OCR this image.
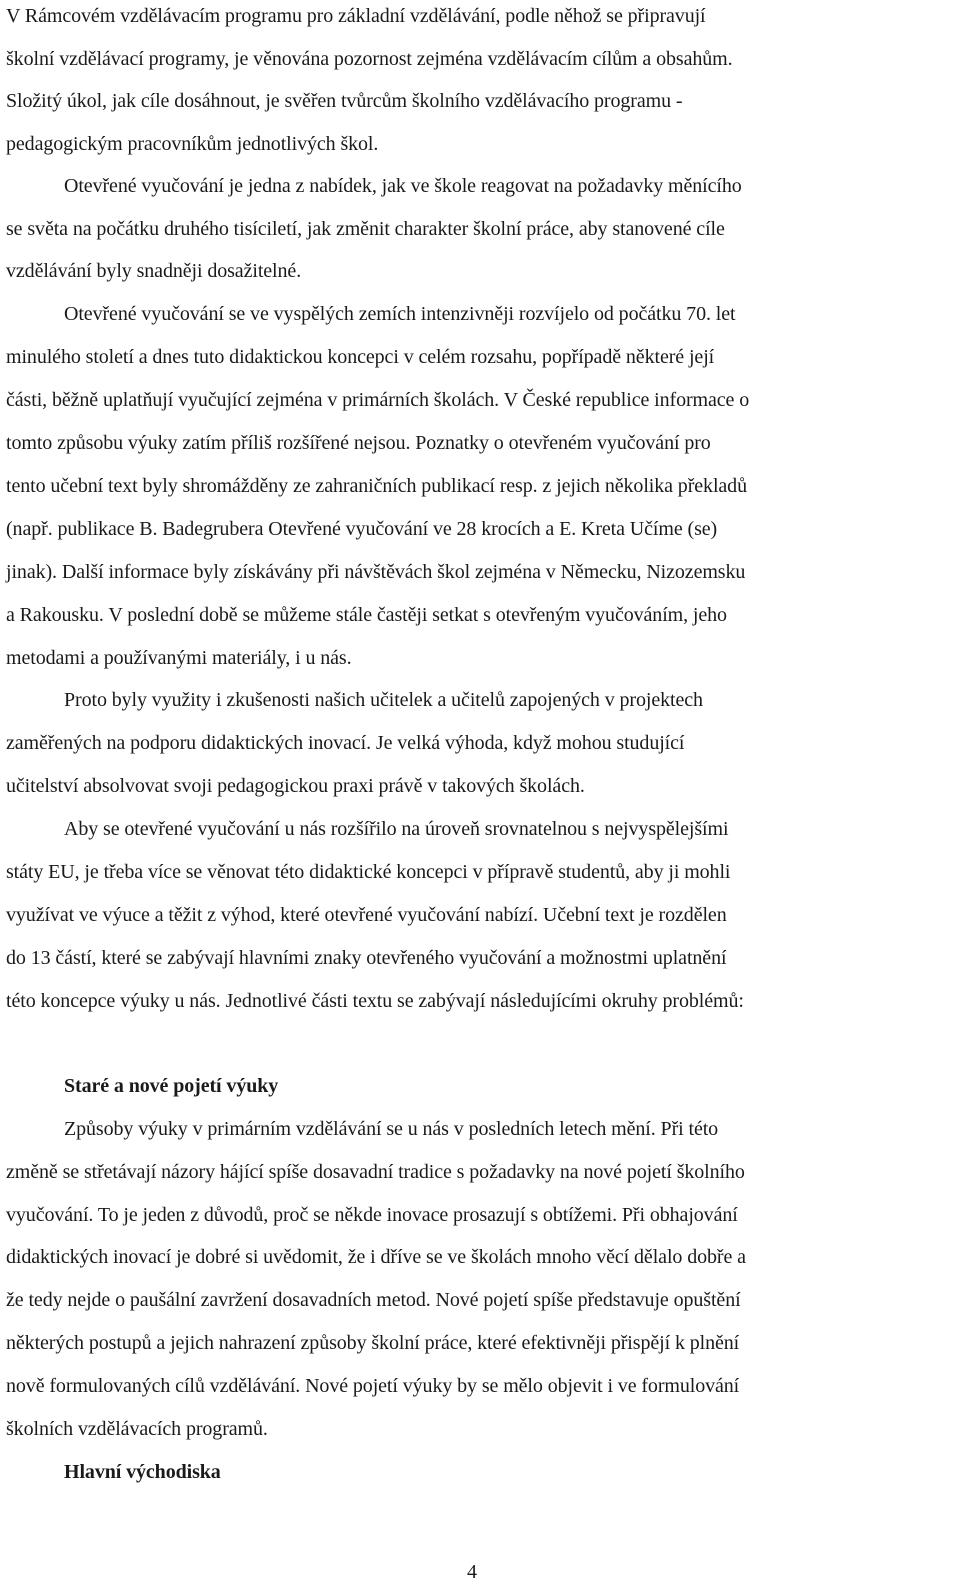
V Rámcovém vzdělávacím programu pro základní vzdělávání, podle něhož se připravují
školní vzdělávací programy, je věnována pozornost zejména vzdělávacím cílům a obsahům.
Složitý úkol, jak cíle dosáhnout, je svěřen tvůrcům školního vzdělávacího programu -
pedagogickým pracovníkům jednotlivých škol.
Otevřené vyučování je jedna z nabídek, jak ve škole reagovat na požadavky měnícího
se světa na počátku druhého tisíciletí, jak změnit charakter školní práce, aby stanovené cíle
vzdělávání byly snadněji dosažitelné.
Otevřené vyučování se ve vyspělých zemích intenzivněji rozvíjelo od počátku 70. let
minulého století a dnes tuto didaktickou koncepci v celém rozsahu, popřípadě některé její
části, běžně uplatňují vyučující zejména v primárních školách. V České republice informace o
tomto způsobu výuky zatím příliš rozšířené nejsou. Poznatky o otevřeném vyučování pro
tento učební text byly shromážděny ze zahraničních publikací resp. z jejich několika překladů
(např. publikace B. Badegrubera Otevřené vyučování ve 28 krocích a E. Kreta Učíme (se)
jinak). Další informace byly získávány při návštěvách škol zejména v Německu, Nizozemsku
a Rakousku. V poslední době se můžeme stále častěji setkat s otevřeným vyučováním, jeho
metodami a používanými materiály, i u nás.
Proto byly využity i zkušenosti našich učitelek a učitelů zapojených v projektech
zaměřených na podporu didaktických inovací. Je velká výhoda, když mohou studující
učitelství absolvovat svoji pedagogickou praxi právě v takových školách.
Aby se otevřené vyučování u nás rozšířilo na úroveň srovnatelnou s nejvyspělejšími
státy EU, je třeba více se věnovat této didaktické koncepci v přípravě studentů, aby ji mohli
využívat ve výuce a těžit z výhod, které otevřené vyučování nabízí. Učební text je rozdělen
do 13 částí, které se zabývají hlavními znaky otevřeného vyučování a možnostmi uplatnění
této koncepce výuky u nás. Jednotlivé části textu se zabývají následujícími okruhy problémů:
Staré a nové pojetí výuky
Způsoby výuky v primárním vzdělávání se u nás v posledních letech mění. Při této
změně se střetávají názory hájící spíše dosavadní tradice s požadavky na nové pojetí školního
vyučování. To je jeden z důvodů, proč se někde inovace prosazují s obtížemi. Při obhajování
didaktických inovací je dobré si uvědomit, že i dříve se ve školách mnoho věcí dělalo dobře a
že tedy nejde o paušální zavržení dosavadních metod. Nové pojetí spíše představuje opuštění
některých postupů a jejich nahrazení způsoby školní práce, které efektivněji přispějí k plnění
nově formulovaných cílů vzdělávání. Nové pojetí výuky by se mělo objevit i ve formulování
školních vzdělávacích programů.
Hlavní východiska
4
